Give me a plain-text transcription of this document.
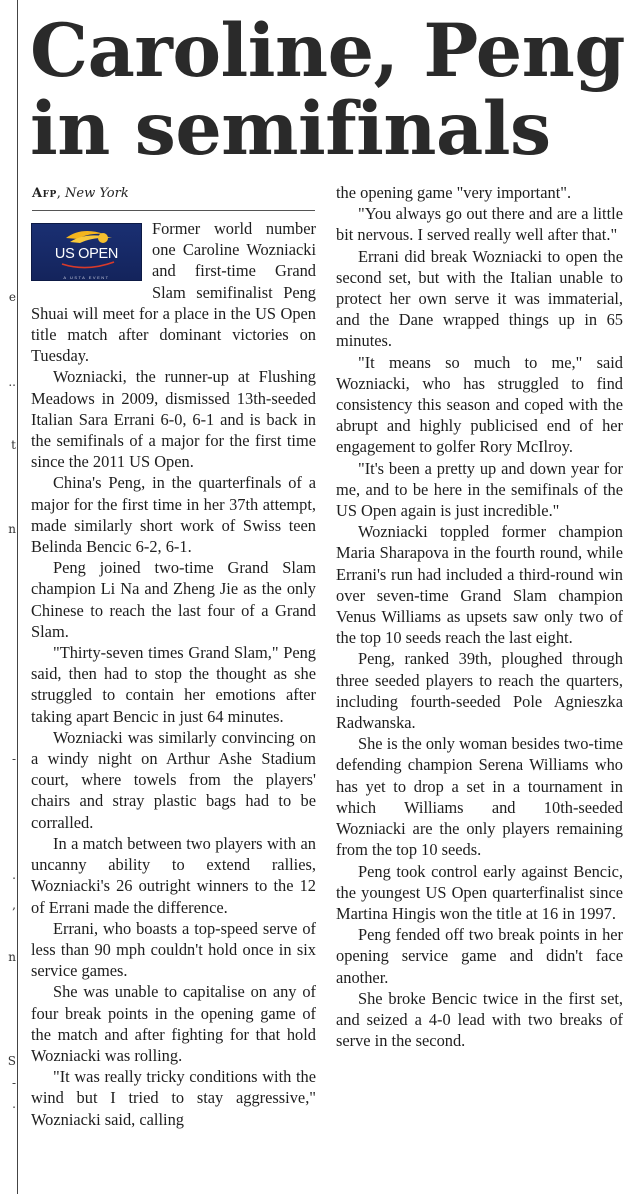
e
..
t
n
-
.
,
n
S
-
.
Caroline, Peng
in semifinals
Afp, New York
US OPEN
A USTA EVENT

Former world number one Caroline Wozniacki and first-time Grand Slam semifinalist Peng Shuai will meet for a place in the US Open title match after dominant victories on Tuesday.

Wozniacki, the runner-up at Flushing Meadows in 2009, dismissed 13th-seeded Italian Sara Errani 6-0, 6-1 and is back in the semifinals of a major for the first time since the 2011 US Open.

China's Peng, in the quarterfinals of a major for the first time in her 37th attempt, made similarly short work of Swiss teen Belinda Bencic 6-2, 6-1.

Peng joined two-time Grand Slam champion Li Na and Zheng Jie as the only Chinese to reach the last four of a Grand Slam.

"Thirty-seven times Grand Slam," Peng said, then had to stop the thought as she struggled to contain her emotions after taking apart Bencic in just 64 minutes.

Wozniacki was similarly convincing on a windy night on Arthur Ashe Stadium court, where towels from the players' chairs and stray plastic bags had to be corralled.

In a match between two players with an uncanny ability to extend rallies, Wozniacki's 26 outright winners to the 12 of Errani made the difference.

Errani, who boasts a top-speed serve of less than 90 mph couldn't hold once in six service games.

She was unable to capitalise on any of four break points in the opening game of the match and after fighting for that hold Wozniacki was rolling.

"It was really tricky conditions with the wind but I tried to stay aggressive," Wozniacki said, calling

the opening game "very important".

"You always go out there and are a little bit nervous. I served really well after that."

Errani did break Wozniacki to open the second set, but with the Italian unable to protect her own serve it was immaterial, and the Dane wrapped things up in 65 minutes.

"It means so much to me," said Wozniacki, who has struggled to find consistency this season and coped with the abrupt and highly publicised end of her engagement to golfer Rory McIlroy.

"It's been a pretty up and down year for me, and to be here in the semifinals of the US Open again is just incredible."

Wozniacki toppled former champion Maria Sharapova in the fourth round, while Errani's run had included a third-round win over seven-time Grand Slam champion Venus Williams as upsets saw only two of the top 10 seeds reach the last eight.

Peng, ranked 39th, ploughed through three seeded players to reach the quarters, including fourth-seeded Pole Agnieszka Radwanska.

She is the only woman besides two-time defending champion Serena Williams who has yet to drop a set in a tournament in which Williams and 10th-seeded Wozniacki are the only players remaining from the top 10 seeds.

Peng took control early against Bencic, the youngest US Open quarterfinalist since Martina Hingis won the title at 16 in 1997.

Peng fended off two break points in her opening service game and didn't face another.

She broke Bencic twice in the first set, and seized a 4-0 lead with two breaks of serve in the second.
